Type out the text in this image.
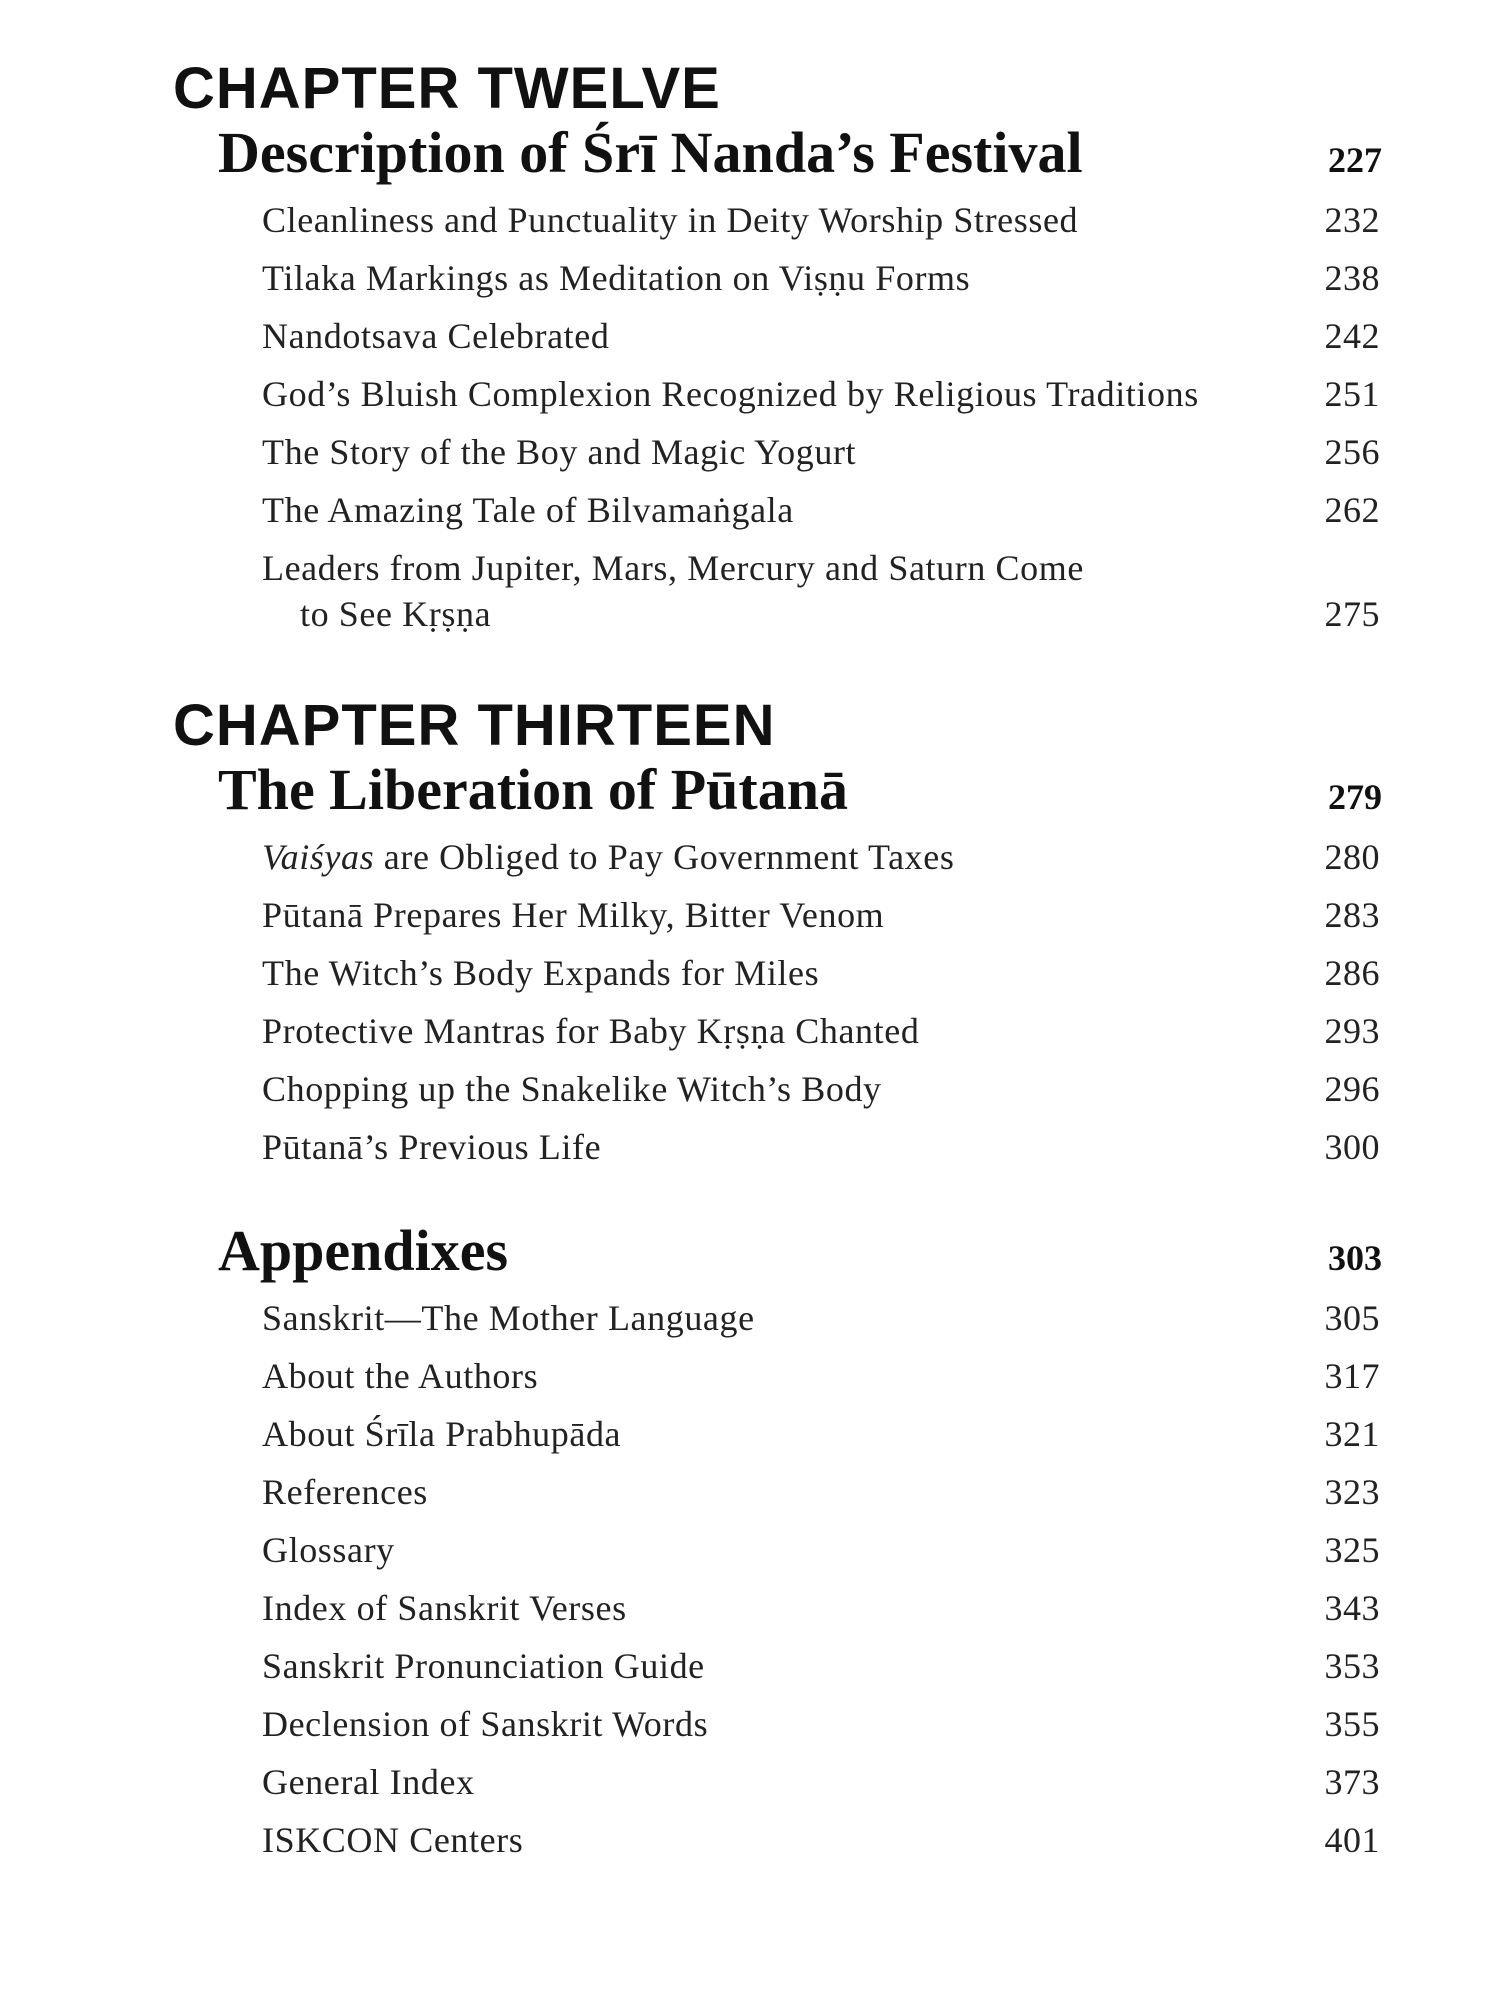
CHAPTER TWELVE
Description of Śrī Nanda’s Festival	227
Cleanliness and Punctuality in Deity Worship Stressed	232
Tilaka Markings as Meditation on Viṣṇu Forms	238
Nandotsava Celebrated	242
God’s Bluish Complexion Recognized by Religious Traditions	251
The Story of the Boy and Magic Yogurt	256
The Amazing Tale of Bilvamaṅgala	262
Leaders from Jupiter, Mars, Mercury and Saturn Come
to See Kṛṣṇa	275
CHAPTER THIRTEEN
The Liberation of Pūtanā	279
Vaiśyas are Obliged to Pay Government Taxes	280
Pūtanā Prepares Her Milky, Bitter Venom	283
The Witch’s Body Expands for Miles	286
Protective Mantras for Baby Kṛṣṇa Chanted	293
Chopping up the Snakelike Witch’s Body	296
Pūtanā’s Previous Life	300
Appendixes	303
Sanskrit—The Mother Language	305
About the Authors	317
About Śrīla Prabhupāda	321
References	323
Glossary	325
Index of Sanskrit Verses	343
Sanskrit Pronunciation Guide	353
Declension of Sanskrit Words	355
General Index	373
ISKCON Centers	401
